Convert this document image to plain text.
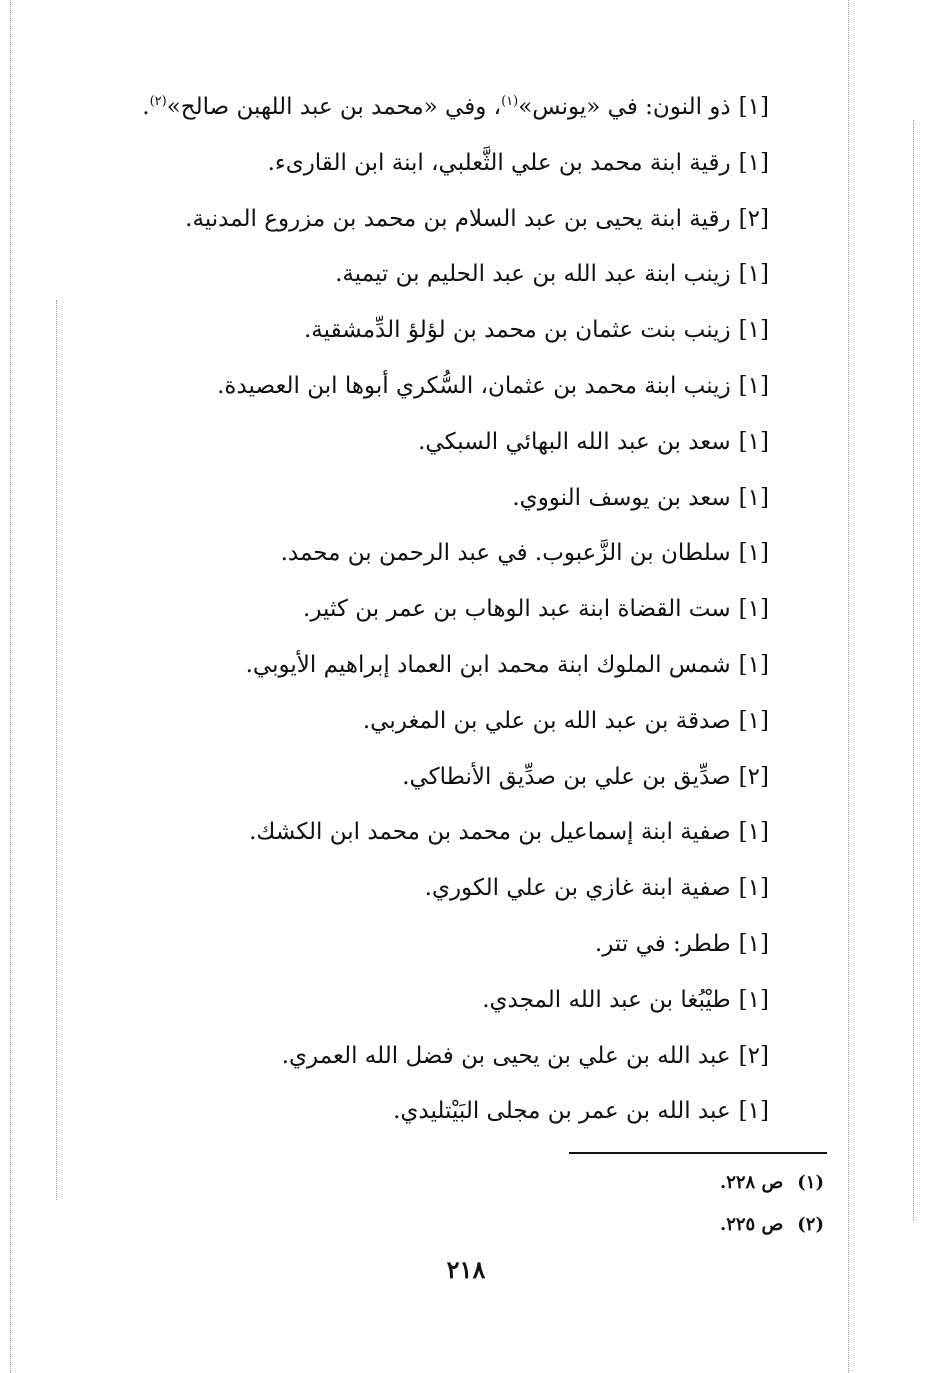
[١]ذو النون: في «يونس»$^{(١)}$، وفي «محمد بن عبد اللهبن صالح»$^{(٢)}$.
[١]رقية ابنة محمد بن علي الثَّعلبي، ابنة ابن القارىء.
[٢]رقية ابنة يحيى بن عبد السلام بن محمد بن مزروع المدنية.
[١]زينب ابنة عبد الله بن عبد الحليم بن تيمية.
[١]زينب بنت عثمان بن محمد بن لؤلؤ الدِّمشقية.
[١]زينب ابنة محمد بن عثمان، السُّكري أبوها ابن العصيدة.
[١]سعد بن عبد الله البهائي السبكي.
[١]سعد بن يوسف النووي.
[١]سلطان بن الزَّعبوب. في عبد الرحمن بن محمد.
[١]ست القضاة ابنة عبد الوهاب بن عمر بن كثير.
[١]شمس الملوك ابنة محمد ابن العماد إبراهيم الأيوبي.
[١]صدقة بن عبد الله بن علي بن المغربي.
[٢]صدِّيق بن علي بن صدِّيق الأنطاكي.
[١]صفية ابنة إسماعيل بن محمد بن محمد ابن الكشك.
[١]صفية ابنة غازي بن علي الكوري.
[١]ططر: في تتر.
[١]طيْبُغا بن عبد الله المجدي.
[٢]عبد الله بن علي بن يحيى بن فضل الله العمري.
[١]عبد الله بن عمر بن مجلى البَيْتليدي.
(١)ص ٢٢٨.
(٢)ص ٢٢٥.
٢١٨
